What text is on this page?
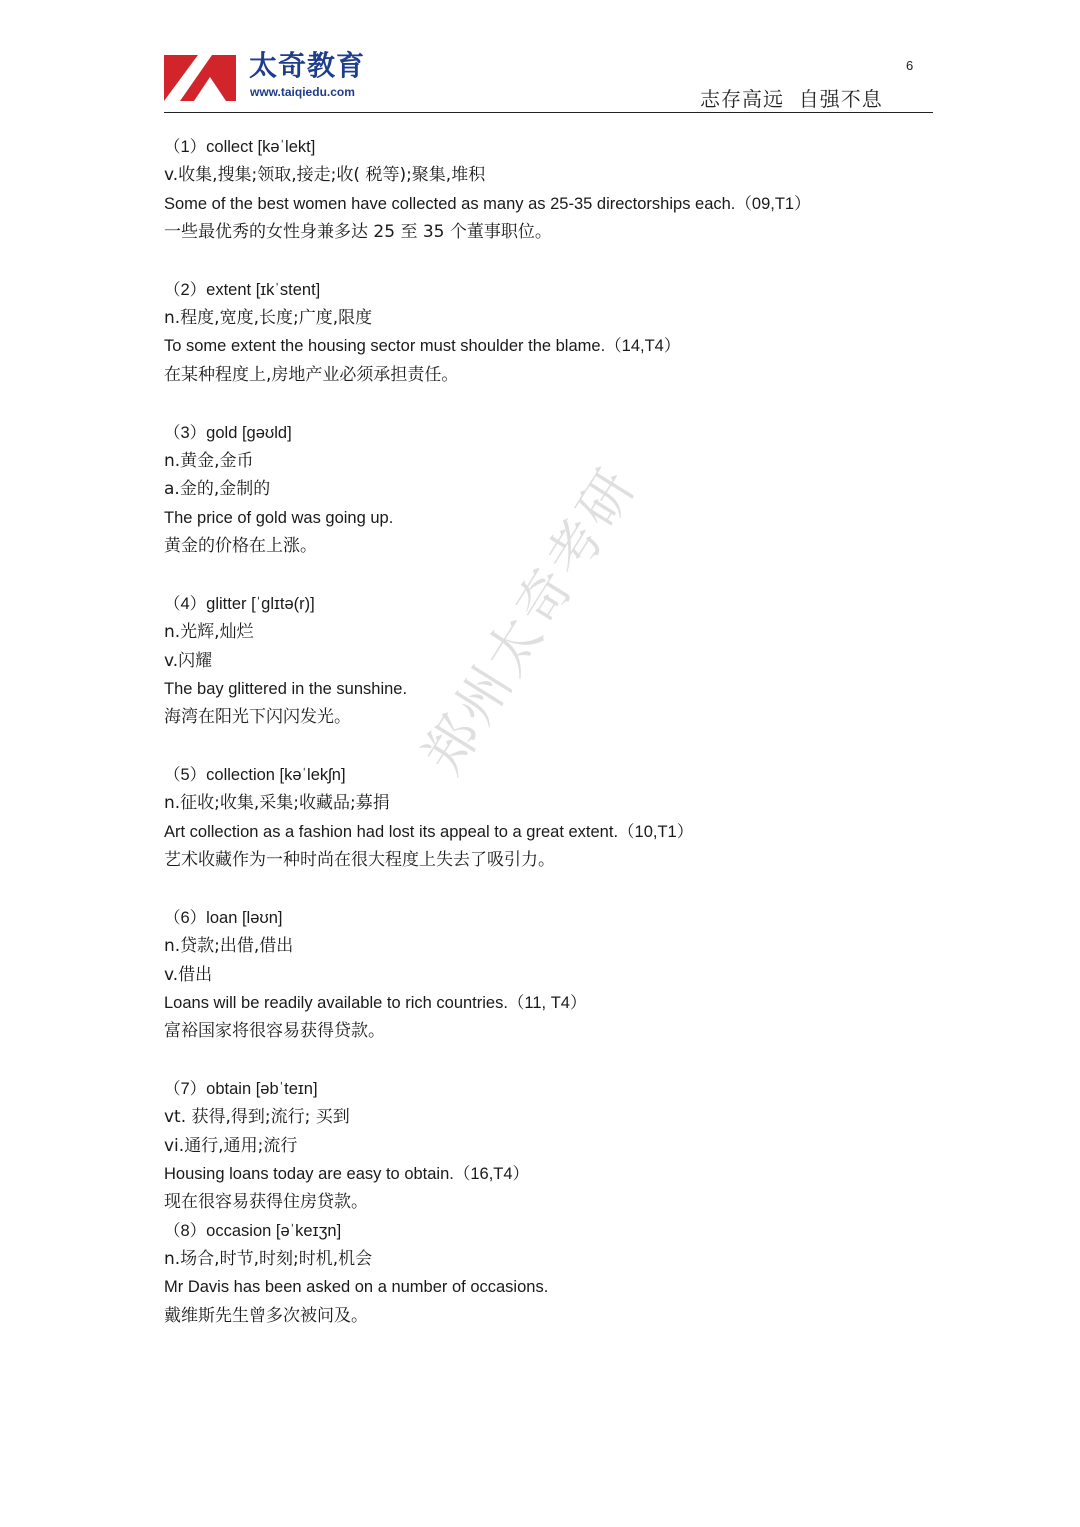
太奇教育
www.taiqiedu.com
6
志存高远  自强不息
（1）collect [kəˈlekt]
v.收集,搜集;领取,接走;收( 税等);聚集,堆积
Some of the best women have collected as many as 25-35 directorships each.（09,T1）
一些最优秀的女性身兼多达 25 至 35 个董事职位。
（2）extent [ɪkˈstent]
n.程度,宽度,长度;广度,限度
To some extent the housing sector must shoulder the blame.（14,T4）
在某种程度上,房地产业必须承担责任。
（3）gold [gəʊld]
n.黄金,金币
a.金的,金制的
The price of gold was going up.
黄金的价格在上涨。
（4）glitter [ˈglɪtə(r)]
n.光辉,灿烂
v.闪耀
The bay glittered in the sunshine.
海湾在阳光下闪闪发光。
（5）collection [kəˈlekʃn]
n.征收;收集,采集;收藏品;募捐
Art collection as a fashion had lost its appeal to a great extent.（10,T1）
艺术收藏作为一种时尚在很大程度上失去了吸引力。
（6）loan [ləʊn]
n.贷款;出借,借出
v.借出
Loans will be readily available to rich countries.（11, T4）
富裕国家将很容易获得贷款。
（7）obtain [əbˈteɪn]
vt. 获得,得到;流行; 买到
vi.通行,通用;流行
Housing loans today are easy to obtain.（16,T4）
现在很容易获得住房贷款。
（8）occasion [əˈkeɪʒn]
n.场合,时节,时刻;时机,机会
Mr Davis has been asked on a number of occasions.
戴维斯先生曾多次被问及。
郑州太奇考研
